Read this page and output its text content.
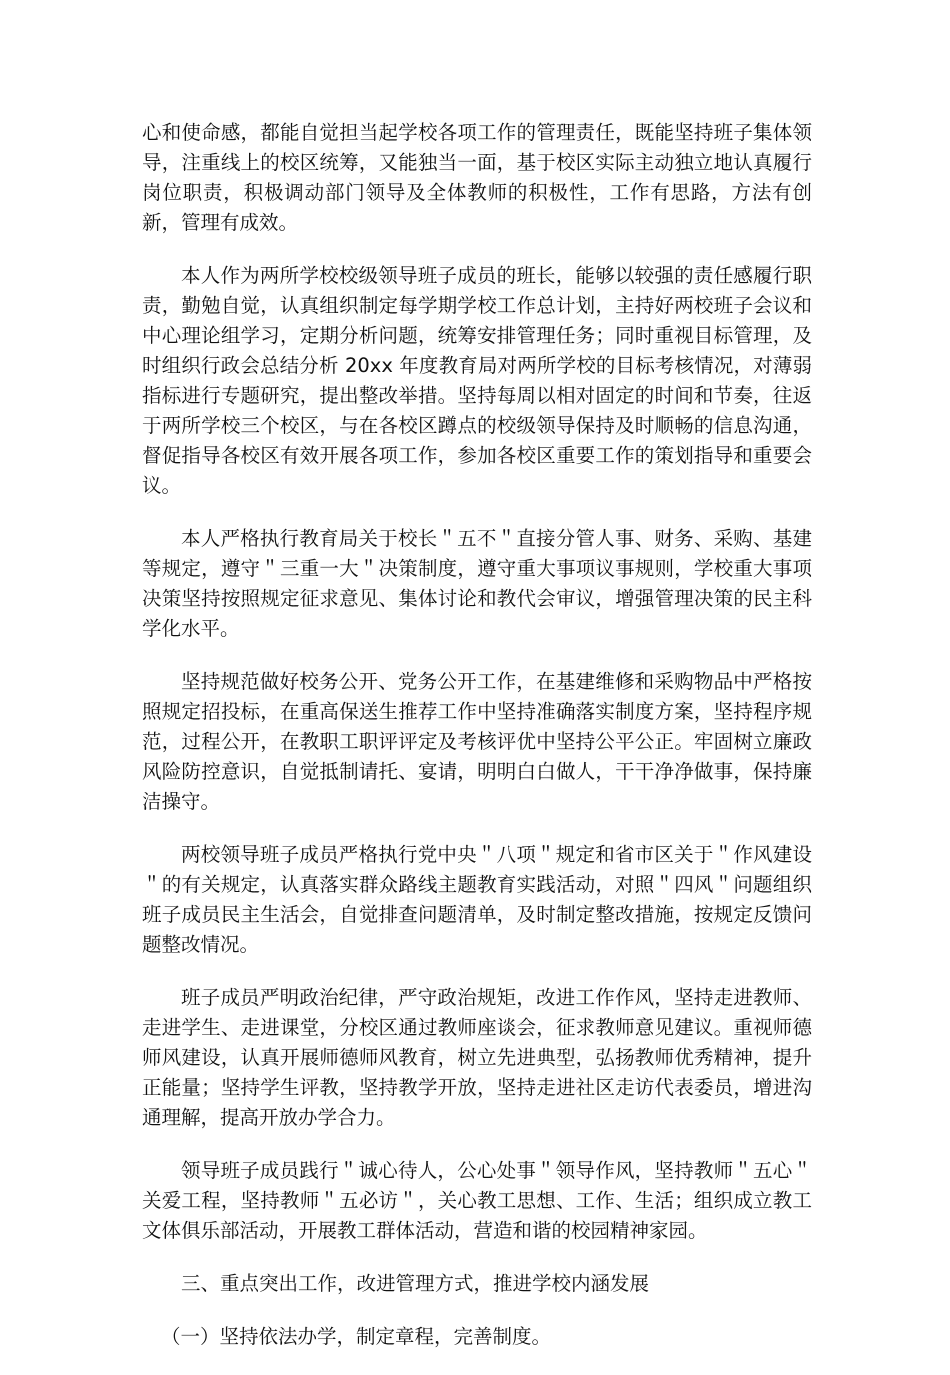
心和使命感，都能自觉担当起学校各项工作的管理责任，既能坚持班子集体领导，注重线上的校区统筹，又能独当一面，基于校区实际主动独立地认真履行岗位职责，积极调动部门领导及全体教师的积极性，工作有思路，方法有创新，管理有成效。

本人作为两所学校校级领导班子成员的班长，能够以较强的责任感履行职责，勤勉自觉，认真组织制定每学期学校工作总计划，主持好两校班子会议和中心理论组学习，定期分析问题，统筹安排管理任务；同时重视目标管理，及时组织行政会总结分析 20xx 年度教育局对两所学校的目标考核情况，对薄弱指标进行专题研究，提出整改举措。坚持每周以相对固定的时间和节奏，往返于两所学校三个校区，与在各校区蹲点的校级领导保持及时顺畅的信息沟通，督促指导各校区有效开展各项工作，参加各校区重要工作的策划指导和重要会议。

本人严格执行教育局关于校长＂五不＂直接分管人事、财务、采购、基建等规定，遵守＂三重一大＂决策制度，遵守重大事项议事规则，学校重大事项决策坚持按照规定征求意见、集体讨论和教代会审议，增强管理决策的民主科学化水平。

坚持规范做好校务公开、党务公开工作，在基建维修和采购物品中严格按照规定招投标，在重高保送生推荐工作中坚持准确落实制度方案，坚持程序规范，过程公开，在教职工职评评定及考核评优中坚持公平公正。牢固树立廉政风险防控意识，自觉抵制请托、宴请，明明白白做人，干干净净做事，保持廉洁操守。

两校领导班子成员严格执行党中央＂八项＂规定和省市区关于＂作风建设＂的有关规定，认真落实群众路线主题教育实践活动，对照＂四风＂问题组织班子成员民主生活会，自觉排查问题清单，及时制定整改措施，按规定反馈问题整改情况。

班子成员严明政治纪律，严守政治规矩，改进工作作风，坚持走进教师、走进学生、走进课堂，分校区通过教师座谈会，征求教师意见建议。重视师德师风建设，认真开展师德师风教育，树立先进典型，弘扬教师优秀精神，提升正能量；坚持学生评教，坚持教学开放，坚持走进社区走访代表委员，增进沟通理解，提高开放办学合力。

领导班子成员践行＂诚心待人，公心处事＂领导作风，坚持教师＂五心＂关爱工程，坚持教师＂五必访＂，关心教工思想、工作、生活；组织成立教工文体俱乐部活动，开展教工群体活动，营造和谐的校园精神家园。

三、重点突出工作，改进管理方式，推进学校内涵发展

（一）坚持依法办学，制定章程，完善制度。
